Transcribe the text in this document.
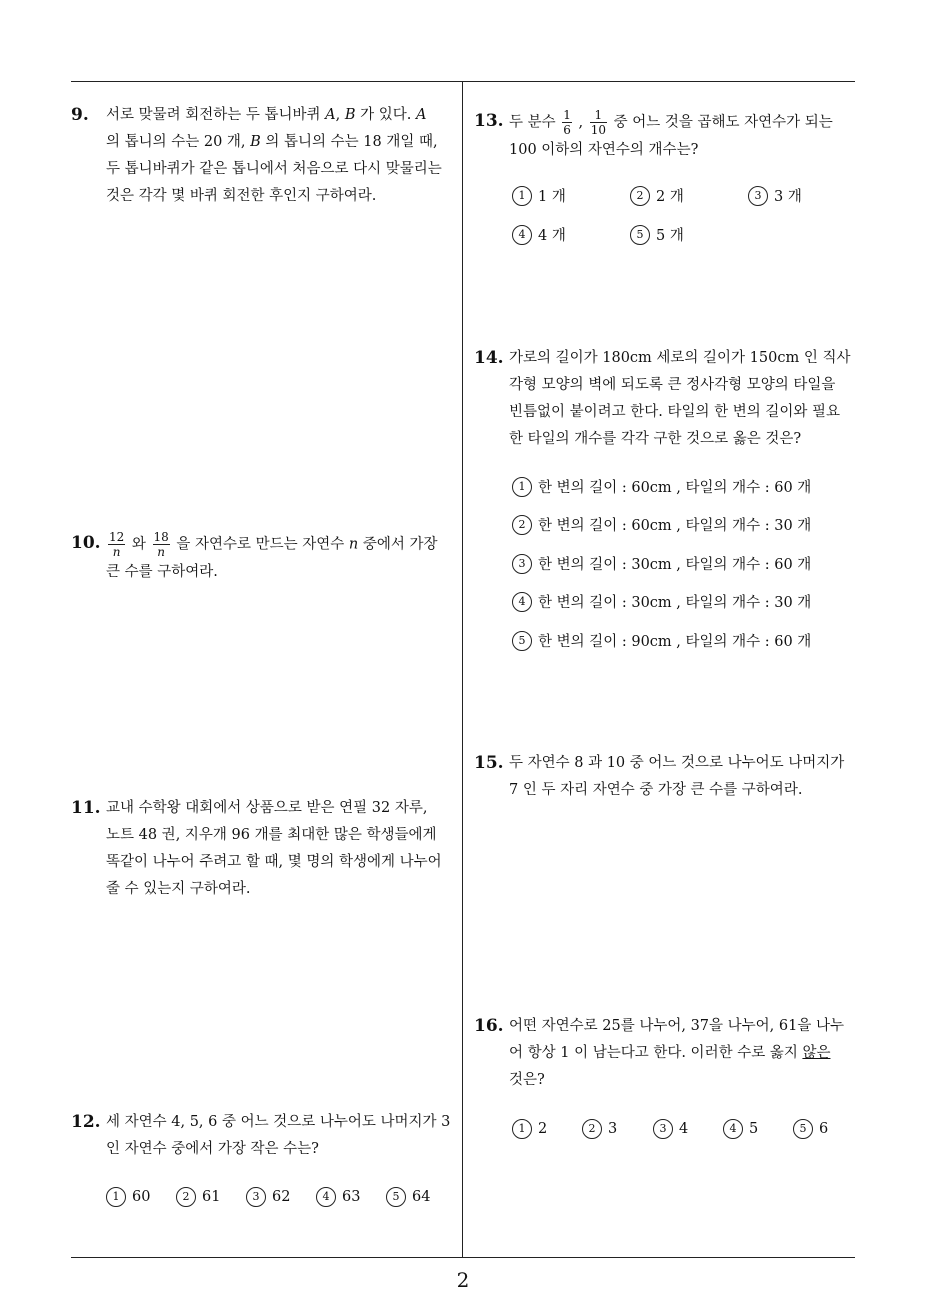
9. 서로 맞물려 회전하는 두 톱니바퀴 A, B 가 있다. A
의 톱니의 수는 20 개, B 의 톱니의 수는 18 개일 때,
두 톱니바퀴가 같은 톱니에서 처음으로 다시 맞물리는
것은 각각 몇 바퀴 회전한 후인지 구하여라.
10. $\frac{12}{n}$ 와 $\frac{18}{n}$ 을 자연수로 만드는 자연수 n 중에서 가장
큰 수를 구하여라.
11. 교내 수학왕 대회에서 상품으로 받은 연필 32 자루,
노트 48 권, 지우개 96 개를 최대한 많은 학생들에게
똑같이 나누어 주려고 할 때, 몇 명의 학생에게 나누어
줄 수 있는지 구하여라.
12. 세 자연수 4, 5, 6 중 어느 것으로 나누어도 나머지가 3
인 자연수 중에서 가장 작은 수는?
1 60	2 61	3 62	4 63	5 64
13. 두 분수 $\frac{1}{6}$ , $\frac{1}{10}$ 중 어느 것을 곱해도 자연수가 되는
100 이하의 자연수의 개수는?
1 1 개	2 2 개	3 3 개
4 4 개	5 5 개
14. 가로의 길이가 180cm 세로의 길이가 150cm 인 직사
각형 모양의 벽에 되도록 큰 정사각형 모양의 타일을
빈틈없이 붙이려고 한다. 타일의 한 변의 길이와 필요
한 타일의 개수를 각각 구한 것으로 옳은 것은?
1 한 변의 길이 : 60cm , 타일의 개수 : 60 개
2 한 변의 길이 : 60cm , 타일의 개수 : 30 개
3 한 변의 길이 : 30cm , 타일의 개수 : 60 개
4 한 변의 길이 : 30cm , 타일의 개수 : 30 개
5 한 변의 길이 : 90cm , 타일의 개수 : 60 개
15. 두 자연수 8 과 10 중 어느 것으로 나누어도 나머지가
7 인 두 자리 자연수 중 가장 큰 수를 구하여라.
16. 어떤 자연수로 25를 나누어, 37을 나누어, 61을 나누
어 항상 1 이 남는다고 한다. 이러한 수로 옳지 않은
것은?
1 2	2 3	3 4	4 5	5 6
2
